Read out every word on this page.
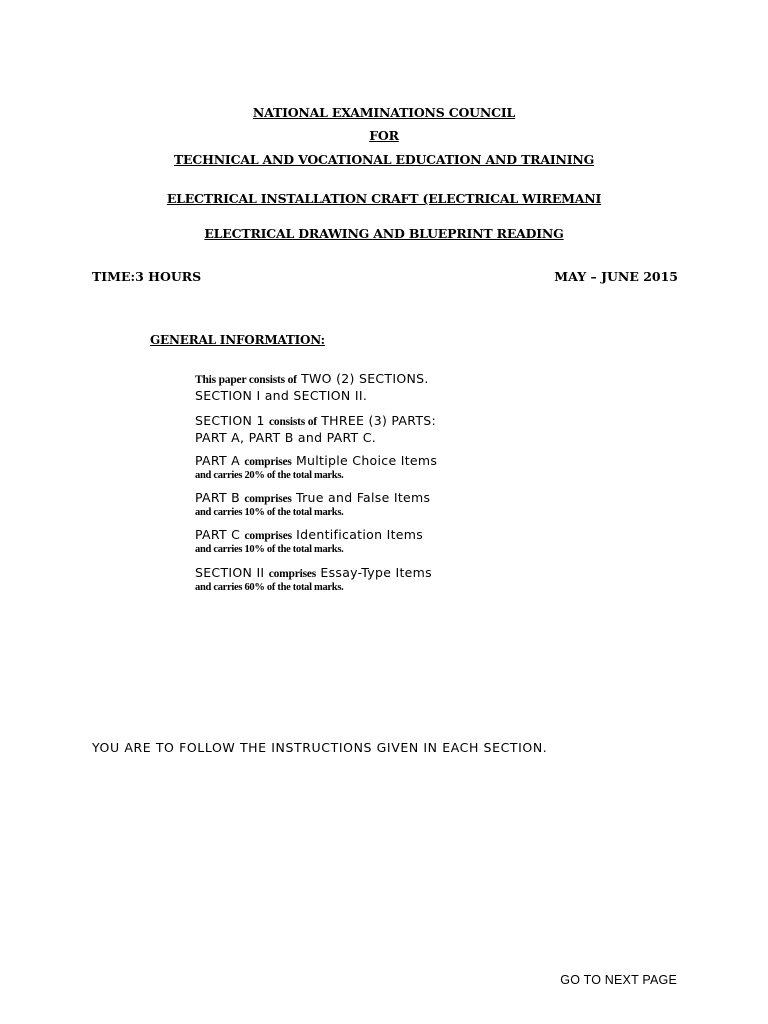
NATIONAL EXAMINATIONS COUNCIL
FOR
TECHNICAL AND VOCATIONAL EDUCATION AND TRAINING
ELECTRICAL INSTALLATION CRAFT (ELECTRICAL WIREMANI
ELECTRICAL DRAWING AND BLUEPRINT READING
TIME:3 HOURS	MAY – JUNE 2015
GENERAL INFORMATION:
This paper consists of TWO (2) SECTIONS.
SECTION I and SECTION II.
SECTION 1 consists of THREE (3) PARTS:
PART A, PART B and PART C.
PART A comprises Multiple Choice Items
and carries 20% of the total marks.
PART B comprises True and False Items
and carries 10% of the total marks.
PART C comprises Identification Items
and carries 10% of the total marks.
SECTION II comprises Essay-Type Items
and carries 60% of the total marks.
YOU ARE TO FOLLOW THE INSTRUCTIONS GIVEN IN EACH SECTION.
GO TO NEXT PAGE
